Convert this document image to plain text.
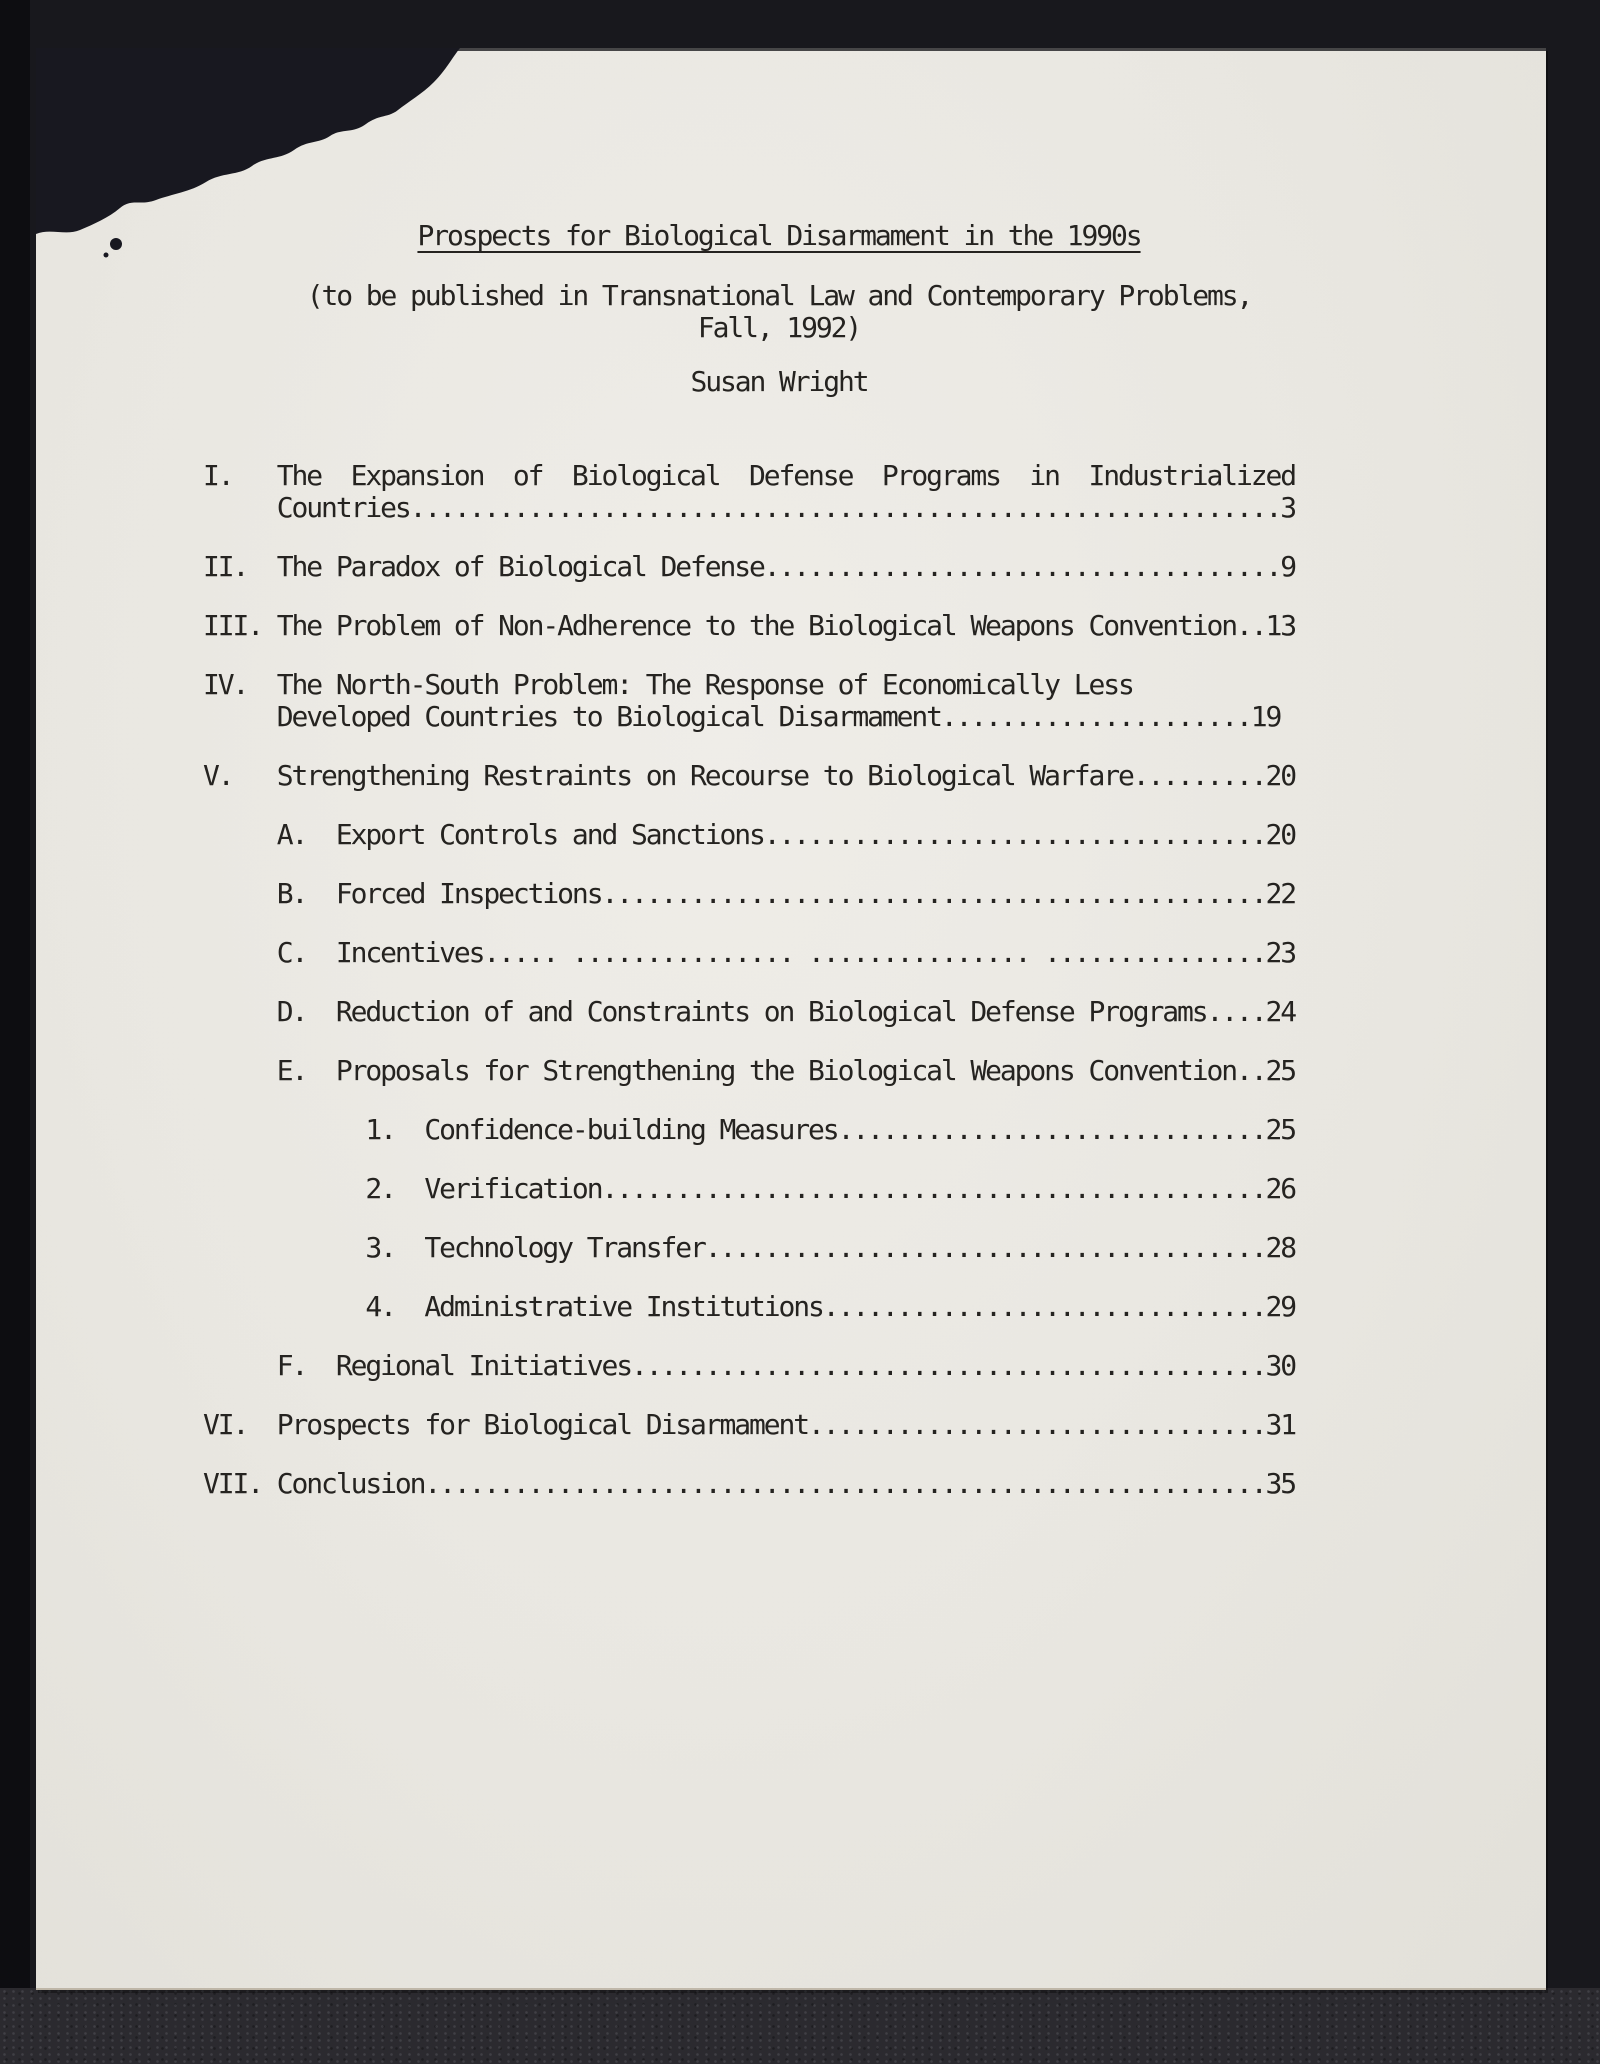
Prospects for Biological Disarmament in the 1990s
(to be published in Transnational Law and Contemporary Problems,
Fall, 1992)
Susan Wright
I.   The  Expansion  of  Biological  Defense  Programs  in  Industrialized
Countries...........................................................3
II.  The Paradox of Biological Defense...................................9
III. The Problem of Non-Adherence to the Biological Weapons Convention..13
IV.  The North-South Problem: The Response of Economically Less
Developed Countries to Biological Disarmament.....................19
V.   Strengthening Restraints on Recourse to Biological Warfare.........20
A.  Export Controls and Sanctions..................................20
B.  Forced Inspections.............................................22
C.  Incentives..... ............... ............... ...............23
D.  Reduction of and Constraints on Biological Defense Programs....24
E.  Proposals for Strengthening the Biological Weapons Convention..25
1.  Confidence-building Measures.............................25
2.  Verification.............................................26
3.  Technology Transfer......................................28
4.  Administrative Institutions..............................29
F.  Regional Initiatives...........................................30
VI.  Prospects for Biological Disarmament...............................31
VII. Conclusion.........................................................35
